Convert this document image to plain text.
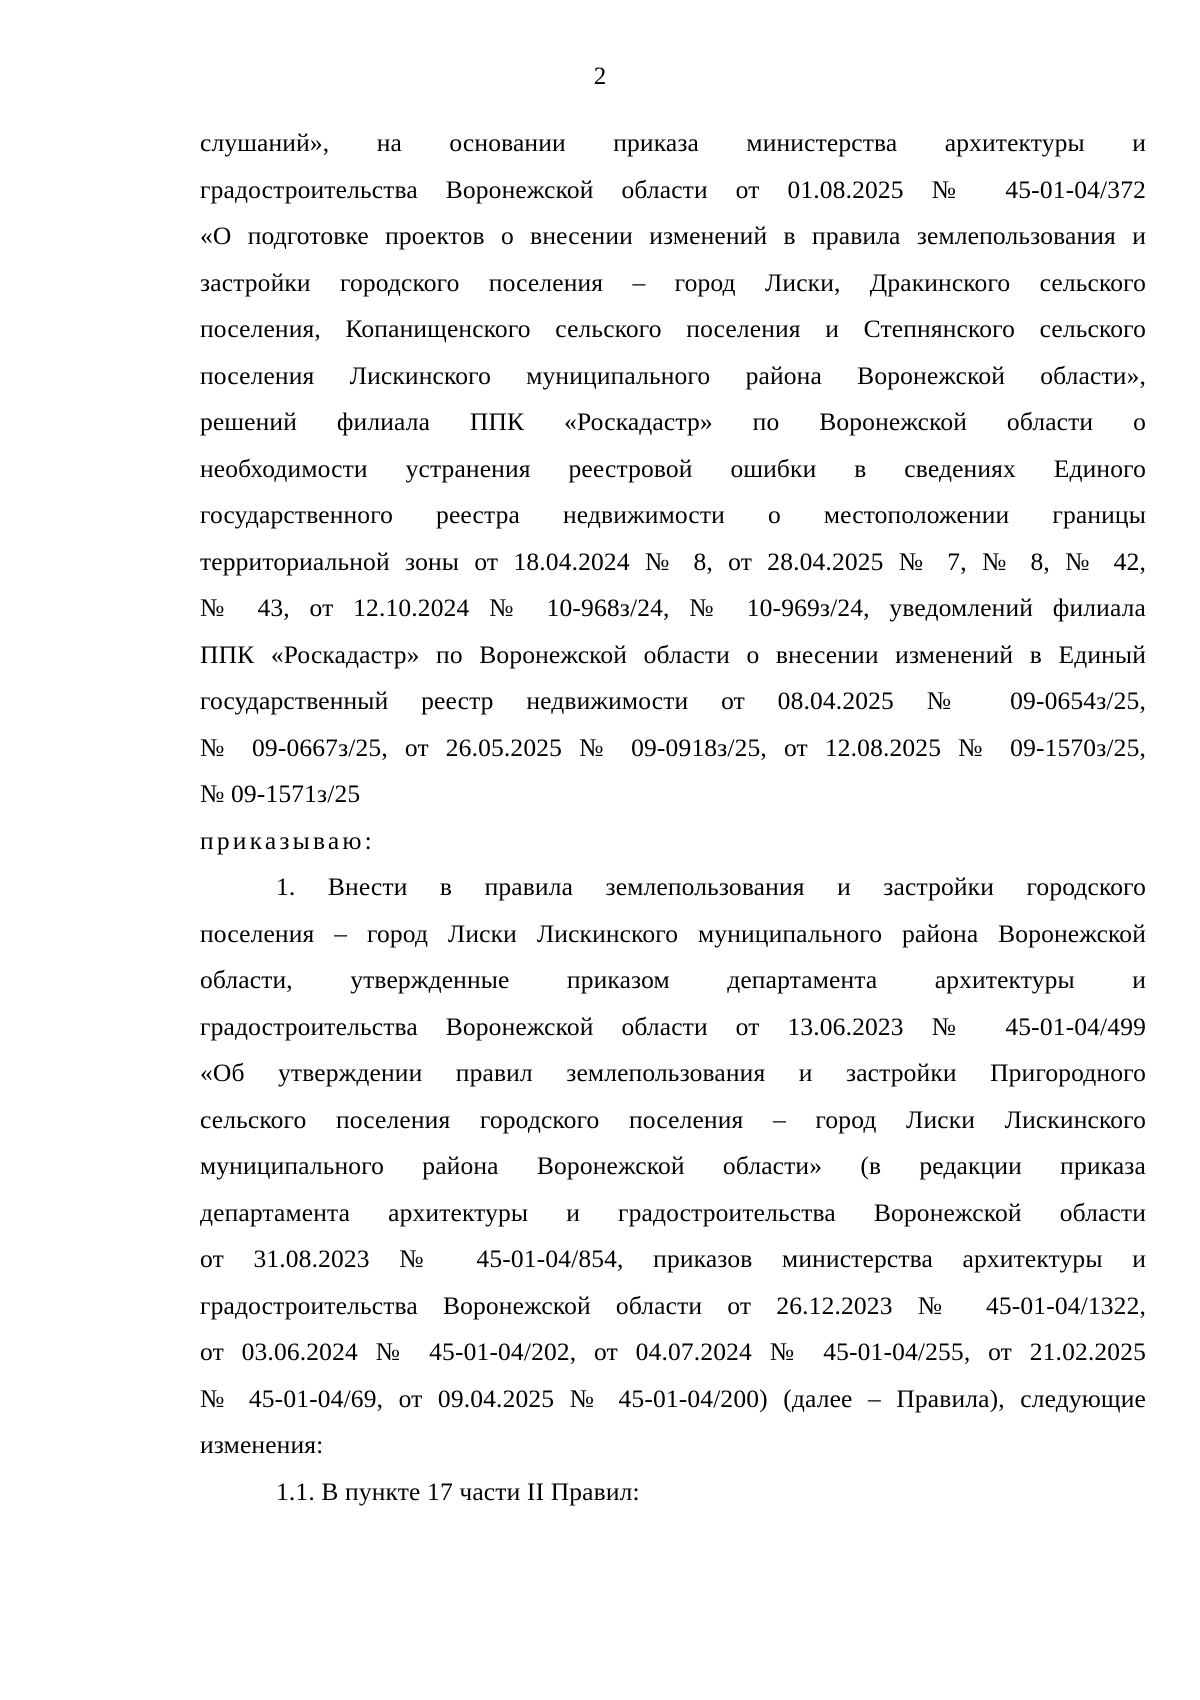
2
слушаний», на основании приказа министерства архитектуры и
градостроительства Воронежской области от 01.08.2025 № 45-01-04/372
«О подготовке проектов о внесении изменений в правила землепользования и
застройки городского поселения – город Лиски, Дракинского сельского
поселения, Копанищенского сельского поселения и Степнянского сельского
поселения Лискинского муниципального района Воронежской области»,
решений филиала ППК «Роскадастр» по Воронежской области о
необходимости устранения реестровой ошибки в сведениях Единого
государственного реестра недвижимости о местоположении границы
территориальной зоны от 18.04.2024 № 8, от 28.04.2025 № 7, № 8, № 42,
№ 43, от 12.10.2024 № 10-968з/24, № 10-969з/24, уведомлений филиала
ППК «Роскадастр» по Воронежской области о внесении изменений в Единый
государственный реестр недвижимости от 08.04.2025 № 09-0654з/25,
№ 09-0667з/25, от 26.05.2025 № 09-0918з/25, от 12.08.2025 № 09-1570з/25,
№ 09-1571з/25
приказываю:
1. Внести в правила землепользования и застройки городского
поселения – город Лиски Лискинского муниципального района Воронежской
области, утвержденные приказом департамента архитектуры и
градостроительства Воронежской области от 13.06.2023 № 45-01-04/499
«Об утверждении правил землепользования и застройки Пригородного
сельского поселения городского поселения – город Лиски Лискинского
муниципального района Воронежской области» (в редакции приказа
департамента архитектуры и градостроительства Воронежской области
от 31.08.2023 № 45-01-04/854, приказов министерства архитектуры и
градостроительства Воронежской области от 26.12.2023 № 45-01-04/1322,
от 03.06.2024 № 45-01-04/202, от 04.07.2024 № 45-01-04/255, от 21.02.2025
№ 45-01-04/69, от 09.04.2025 № 45-01-04/200) (далее – Правила), следующие
изменения:
1.1. В пункте 17 части II Правил:
